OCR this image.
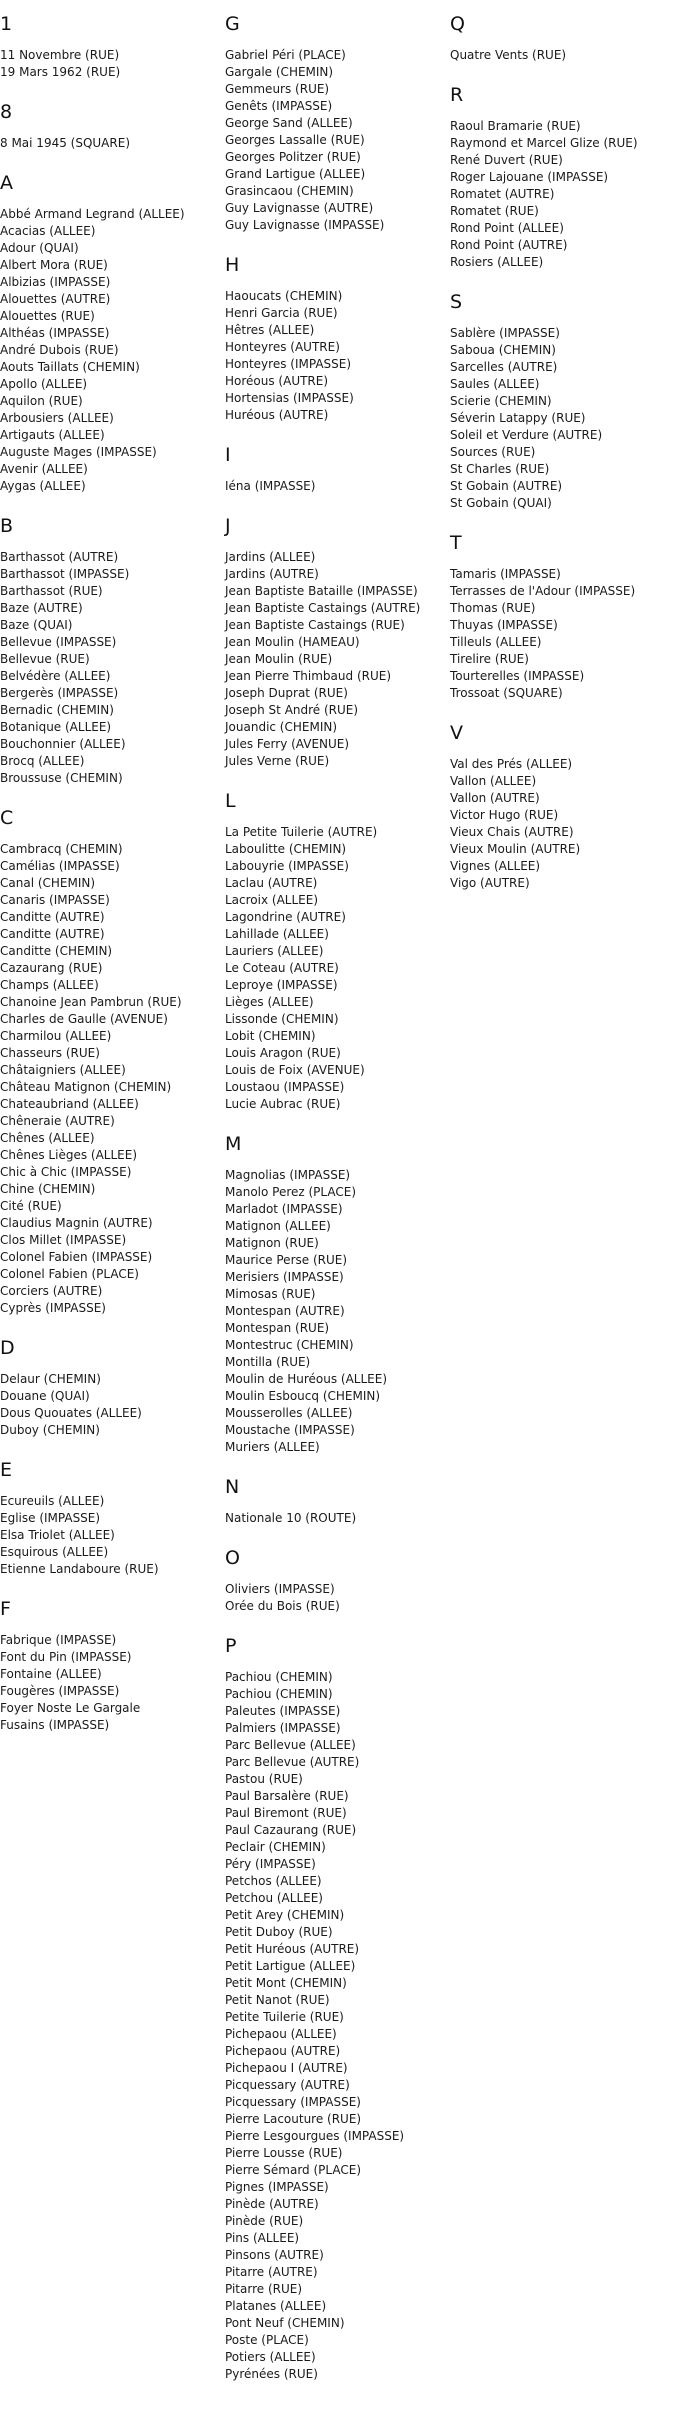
1
11 Novembre (RUE)
19 Mars 1962 (RUE)
8
8 Mai 1945 (SQUARE)
A
Abbé Armand Legrand (ALLEE)
Acacias (ALLEE)
Adour (QUAI)
Albert Mora (RUE)
Albizias (IMPASSE)
Alouettes (AUTRE)
Alouettes (RUE)
Althéas (IMPASSE)
André Dubois (RUE)
Aouts Taillats (CHEMIN)
Apollo (ALLEE)
Aquilon (RUE)
Arbousiers (ALLEE)
Artigauts (ALLEE)
Auguste Mages (IMPASSE)
Avenir (ALLEE)
Aygas (ALLEE)
B
Barthassot (AUTRE)
Barthassot (IMPASSE)
Barthassot (RUE)
Baze (AUTRE)
Baze (QUAI)
Bellevue (IMPASSE)
Bellevue (RUE)
Belvédère (ALLEE)
Bergerès (IMPASSE)
Bernadic (CHEMIN)
Botanique (ALLEE)
Bouchonnier (ALLEE)
Brocq (ALLEE)
Broussuse (CHEMIN)
C
Cambracq (CHEMIN)
Camélias (IMPASSE)
Canal (CHEMIN)
Canaris (IMPASSE)
Canditte (AUTRE)
Canditte (AUTRE)
Canditte (CHEMIN)
Cazaurang (RUE)
Champs (ALLEE)
Chanoine Jean Pambrun (RUE)
Charles de Gaulle (AVENUE)
Charmilou (ALLEE)
Chasseurs (RUE)
Châtaigniers (ALLEE)
Château Matignon (CHEMIN)
Chateaubriand (ALLEE)
Chêneraie (AUTRE)
Chênes (ALLEE)
Chênes Lièges (ALLEE)
Chic à Chic (IMPASSE)
Chine (CHEMIN)
Cité (RUE)
Claudius Magnin (AUTRE)
Clos Millet (IMPASSE)
Colonel Fabien (IMPASSE)
Colonel Fabien (PLACE)
Corciers (AUTRE)
Cyprès (IMPASSE)
D
Delaur (CHEMIN)
Douane (QUAI)
Dous Quouates (ALLEE)
Duboy (CHEMIN)
E
Ecureuils (ALLEE)
Eglise (IMPASSE)
Elsa Triolet (ALLEE)
Esquirous (ALLEE)
Etienne Landaboure (RUE)
F
Fabrique (IMPASSE)
Font du Pin (IMPASSE)
Fontaine (ALLEE)
Fougères (IMPASSE)
Foyer Noste Le Gargale
Fusains (IMPASSE)
G
Gabriel Péri (PLACE)
Gargale (CHEMIN)
Gemmeurs (RUE)
Genêts (IMPASSE)
George Sand (ALLEE)
Georges Lassalle (RUE)
Georges Politzer (RUE)
Grand Lartigue (ALLEE)
Grasincaou (CHEMIN)
Guy Lavignasse (AUTRE)
Guy Lavignasse (IMPASSE)
H
Haoucats (CHEMIN)
Henri Garcia (RUE)
Hêtres (ALLEE)
Honteyres (AUTRE)
Honteyres (IMPASSE)
Horéous (AUTRE)
Hortensias (IMPASSE)
Huréous (AUTRE)
I
Iéna (IMPASSE)
J
Jardins (ALLEE)
Jardins (AUTRE)
Jean Baptiste Bataille (IMPASSE)
Jean Baptiste Castaings (AUTRE)
Jean Baptiste Castaings (RUE)
Jean Moulin (HAMEAU)
Jean Moulin (RUE)
Jean Pierre Thimbaud (RUE)
Joseph Duprat (RUE)
Joseph St André (RUE)
Jouandic (CHEMIN)
Jules Ferry (AVENUE)
Jules Verne (RUE)
L
La Petite Tuilerie (AUTRE)
Laboulitte (CHEMIN)
Labouyrie (IMPASSE)
Laclau (AUTRE)
Lacroix (ALLEE)
Lagondrine (AUTRE)
Lahillade (ALLEE)
Lauriers (ALLEE)
Le Coteau (AUTRE)
Leproye (IMPASSE)
Lièges (ALLEE)
Lissonde (CHEMIN)
Lobit (CHEMIN)
Louis Aragon (RUE)
Louis de Foix (AVENUE)
Loustaou (IMPASSE)
Lucie Aubrac (RUE)
M
Magnolias (IMPASSE)
Manolo Perez (PLACE)
Marladot (IMPASSE)
Matignon (ALLEE)
Matignon (RUE)
Maurice Perse (RUE)
Merisiers (IMPASSE)
Mimosas (RUE)
Montespan (AUTRE)
Montespan (RUE)
Montestruc (CHEMIN)
Montilla (RUE)
Moulin de Huréous (ALLEE)
Moulin Esboucq (CHEMIN)
Mousserolles (ALLEE)
Moustache (IMPASSE)
Muriers (ALLEE)
N
Nationale 10 (ROUTE)
O
Oliviers (IMPASSE)
Orée du Bois (RUE)
P
Pachiou (CHEMIN)
Pachiou (CHEMIN)
Paleutes (IMPASSE)
Palmiers (IMPASSE)
Parc Bellevue (ALLEE)
Parc Bellevue (AUTRE)
Pastou (RUE)
Paul Barsalère (RUE)
Paul Biremont (RUE)
Paul Cazaurang (RUE)
Peclair (CHEMIN)
Péry (IMPASSE)
Petchos (ALLEE)
Petchou (ALLEE)
Petit Arey (CHEMIN)
Petit Duboy (RUE)
Petit Huréous (AUTRE)
Petit Lartigue (ALLEE)
Petit Mont (CHEMIN)
Petit Nanot (RUE)
Petite Tuilerie (RUE)
Pichepaou (ALLEE)
Pichepaou (AUTRE)
Pichepaou I (AUTRE)
Picquessary (AUTRE)
Picquessary (IMPASSE)
Pierre Lacouture (RUE)
Pierre Lesgourgues (IMPASSE)
Pierre Lousse (RUE)
Pierre Sémard (PLACE)
Pignes (IMPASSE)
Pinède (AUTRE)
Pinède (RUE)
Pins (ALLEE)
Pinsons (AUTRE)
Pitarre (AUTRE)
Pitarre (RUE)
Platanes (ALLEE)
Pont Neuf (CHEMIN)
Poste (PLACE)
Potiers (ALLEE)
Pyrénées (RUE)
Q
Quatre Vents (RUE)
R
Raoul Bramarie (RUE)
Raymond et Marcel Glize (RUE)
René Duvert (RUE)
Roger Lajouane (IMPASSE)
Romatet (AUTRE)
Romatet (RUE)
Rond Point (ALLEE)
Rond Point (AUTRE)
Rosiers (ALLEE)
S
Sablère (IMPASSE)
Saboua (CHEMIN)
Sarcelles (AUTRE)
Saules (ALLEE)
Scierie (CHEMIN)
Séverin Latappy (RUE)
Soleil et Verdure (AUTRE)
Sources (RUE)
St Charles (RUE)
St Gobain (AUTRE)
St Gobain (QUAI)
T
Tamaris (IMPASSE)
Terrasses de l'Adour (IMPASSE)
Thomas (RUE)
Thuyas (IMPASSE)
Tilleuls (ALLEE)
Tirelire (RUE)
Tourterelles (IMPASSE)
Trossoat (SQUARE)
V
Val des Prés (ALLEE)
Vallon (ALLEE)
Vallon (AUTRE)
Victor Hugo (RUE)
Vieux Chais (AUTRE)
Vieux Moulin (AUTRE)
Vignes (ALLEE)
Vigo (AUTRE)
